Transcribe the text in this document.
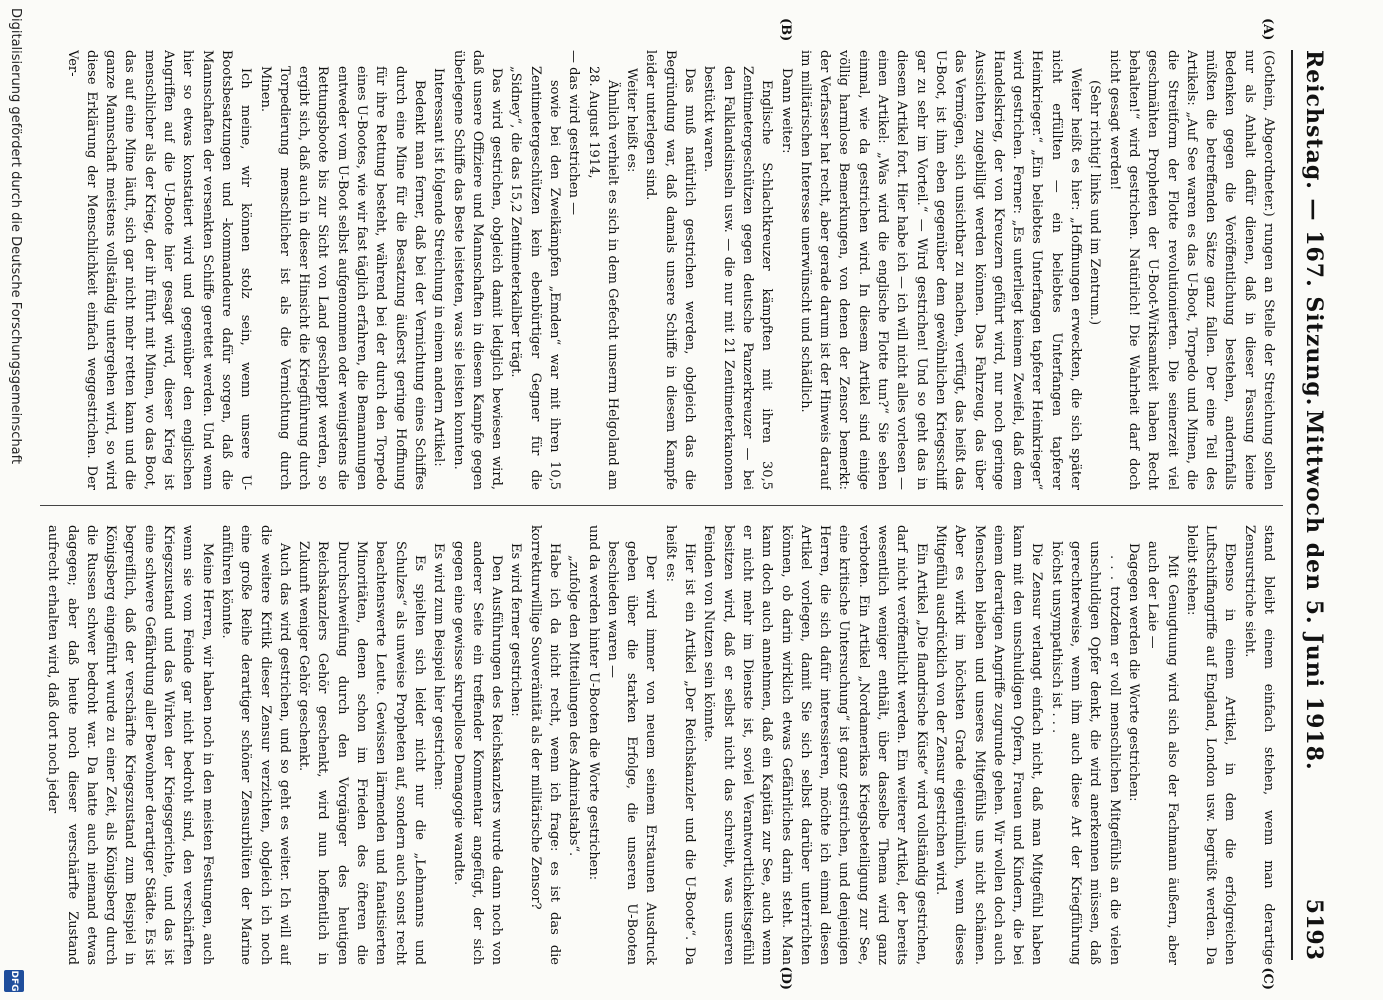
Reichstag. — 167. Sitzung.
Mittwoch den 5. Juni 1918.
5193
(A)
(B)
(C)
(D)

(Gothein, Abgeordneter.) rungen an Stelle der Streichung sollen nur als Anhalt dafür dienen, daß in dieser Fassung keine Bedenken gegen die Veröffentlichung bestehen, andernfalls müßten die betreffenden Sätze ganz fallen. Der eine Teil des Artikels: „Auf See waren es das U-Boot, Torpedo und Minen, die die Streitform der Flotte revolutionierten. Die seinerzeit viel geschmähten Propheten der U-Boot-Wirksamkeit haben Recht behalten!“ wird gestrichen. Natürlich! Die Wahrheit darf doch nicht gesagt werden!

(Sehr richtig! links und im Zentrum.)

Weiter heißt es hier: „Hoffnungen erweckten, die sich später nicht erfüllten — ein beliebtes Unterfangen tapferer Heimkrieger.“ „Ein beliebtes Unterfangen tapferer Heimkrieger“ wird gestrichen. Ferner: „Es unterliegt keinem Zweifel, daß dem Handelskrieg, der von Kreuzern geführt wird, nur noch geringe Aussichten zugebilligt werden können. Das Fahrzeug, das über das Vermögen, sich unsichtbar zu machen, verfügt, das heißt das U-Boot, ist ihm eben gegenüber dem gewöhnlichen Kriegsschiff gar zu sehr im Vorteil.“ — Wird gestrichen! Und so geht das in diesem Artikel fort. Hier habe ich — ich will nicht alles vorlesen — einen Artikel: „Was wird die englische Flotte tun?“ Sie sehen einmal, wie da gestrichen wird. In diesem Artikel sind einige völlig harmlose Bemerkungen, von denen der Zensor bemerkt: der Verfasser hat recht, aber gerade darum ist der Hinweis darauf im militärischen Interesse unerwünscht und schädlich.

Dann weiter:

Englische Schlachtkreuzer kämpften mit ihren 30,5 Zentimetergeschützen gegen deutsche Panzerkreuzer — bei den Falklandsinseln usw. — die nur mit 21 Zentimeterkanonen bestückt waren.

Das muß natürlich gestrichen werden, obgleich das die Begründung war, daß damals unsere Schiffe in diesem Kampfe leider unterlegen sind.

Weiter heißt es:

Ähnlich verhielt es sich in dem Gefecht unserm Helgoland am 28. August 1914,

— das wird gestrichen —

sowie bei den Zweikämpfen „Emden“ war mit ihren 10,5 Zentimetergeschützen kein ebenbürtiger Gegner für die „Sidney“, die das 15,2 Zentimeterkaliber trägt.

Das wird gestrichen, obgleich damit lediglich bewiesen wird, daß unsere Offiziere und Mannschaften in diesem Kampfe gegen überlegene Schiffe das Beste leisteten, was sie leisten konnten.

Interessant ist folgende Streichung in einem andern Artikel:

Bedenkt man ferner, daß bei der Vernichtung eines Schiffes durch eine Mine für die Besatzung äußerst geringe Hoffnung für ihre Rettung besteht, während bei der durch den Torpedo eines U-Bootes, wie wir fast täglich erfahren, die Bemannungen entweder vom U-Boot selbst aufgenommen oder wenigstens die Rettungsboote bis zur Sicht von Land geschleppt werden, so ergibt sich, daß auch in dieser Hinsicht die Kriegführung durch Torpedierung menschlicher ist als die Vernichtung durch Minen.

Ich meine, wir können stolz sein, wenn unsere U-Bootsbesatzungen und -kommandeure dafür sorgen, daß die Mannschaften der versenkten Schiffe gerettet werden. Und wenn hier so etwas konstatiert wird und gegenüber den englischen Angriffen auf die U-Boote hier gesagt wird, dieser Krieg ist menschlicher als der Krieg, der ihr führt mit Minen, wo das Boot, das auf eine Mine läuft, sich gar nicht mehr retten kann und die ganze Mannschaft meistens vollständig untergehen wird, so wird diese Erklärung der Menschlichkeit einfach weggestrichen. Der Ver-

stand bleibt einem einfach stehen, wenn man derartige Zensurstriche sieht.

Ebenso in einem Artikel, in dem die erfolgreichen Luftschiffangriffe auf England, London usw. begrüßt werden. Da bleibt stehen:

Mit Genugtuung wird sich also der Fachmann äußern, aber auch der Laie —

Dagegen werden die Worte gestrichen:

. . . trotzdem er voll menschlichen Mitgefühls an die vielen unschuldigen Opfer denkt, die wird anerkennen müssen, daß gerechterweise, wenn ihm auch diese Art der Kriegführung höchst unsympathisch ist . . .

Die Zensur verlangt einfach nicht, daß man Mitgefühl haben kann mit den unschuldigen Opfern, Frauen und Kindern, die bei einem derartigen Angriffe zugrunde gehen. Wir wollen doch auch Menschen bleiben und unseres Mitgefühls uns nicht schämen. Aber es wirkt im höchsten Grade eigentümlich, wenn dieses Mitgefühl ausdrücklich von der Zensur gestrichen wird.

Ein Artikel „Die flandrische Küste“ wird vollständig gestrichen, darf nicht veröffentlicht werden. Ein weiterer Artikel, der bereits wesentlich weniger enthält, über dasselbe Thema wird ganz verboten. Ein Artikel „Nordamerikas Kriegsbeteiligung zur See, eine kritische Untersuchung“ ist ganz gestrichen, und denjenigen Herren, die sich dafür interessieren, möchte ich einmal diesen Artikel vorlegen, damit Sie sich selbst darüber unterrichten können, ob darin wirklich etwas Gefährliches darin steht. Man kann doch auch annehmen, daß ein Kapitän zur See, auch wenn er nicht mehr im Dienste ist, soviel Verantwortlichkeitsgefühl besitzen wird, daß er selbst nicht das schreibt, was unseren Feinden von Nutzen sein könnte.

Hier ist ein Artikel „Der Reichskanzler und die U-Boote“. Da heißt es:

Der wird immer von neuem seinem Erstaunen Ausdruck geben über die starken Erfolge, die unseren U-Booten beschieden waren —

und da werden hinter U-Booten die Worte gestrichen:

„zufolge den Mitteilungen des Admiralstabs“.

Habe ich da nicht recht, wenn ich frage: es ist das die korrekturwillige Souveränität als der militärische Zensor?

Es wird ferner gestrichen:

Den Ausführungen des Reichskanzlers wurde dann noch von anderer Seite ein treffender Kommentar angefügt, der sich gegen eine gewisse skrupellose Demagogie wandte.

Es wird zum Beispiel hier gestrichen:

Es spielten sich leider nicht nur die „Lehmanns und Schulzes“ als unweise Propheten auf, sondern auch sonst recht beachtenswerte Leute. Gewissen lärmenden und fanatisierten Minoritäten, denen schon im Frieden des öfteren die Durchschweifung durch den Vorgänger des heutigen Reichskanzlers Gehör geschenkt, wird nun hoffentlich in Zukunft weniger Gehör geschenkt.

Auch das wird gestrichen, und so geht es weiter. Ich will auf die weitere Kritik dieser Zensur verzichten, obgleich ich noch eine große Reihe derartiger schöner Zensurblüten der Marine anführen könnte.

Meine Herren, wir haben noch in den meisten Festungen, auch wenn sie vom Feinde gar nicht bedroht sind, den verschärften Kriegszustand und das Wirken der Kriegsgerichte, und das ist eine schwere Gefährdung aller Bewohner derartiger Städte. Es ist begreiflich, daß der verschärfte Kriegszustand zum Beispiel in Königsberg eingeführt wurde zu einer Zeit, als Königsberg durch die Russen schwer bedroht war. Da hatte auch niemand etwas dagegen; aber daß heute noch dieser verschärfte Zustand aufrecht erhalten wird, daß dort noch jeder

Digitalisierung gefördert durch die Deutsche Forschungsgemeinschaft
DFG
